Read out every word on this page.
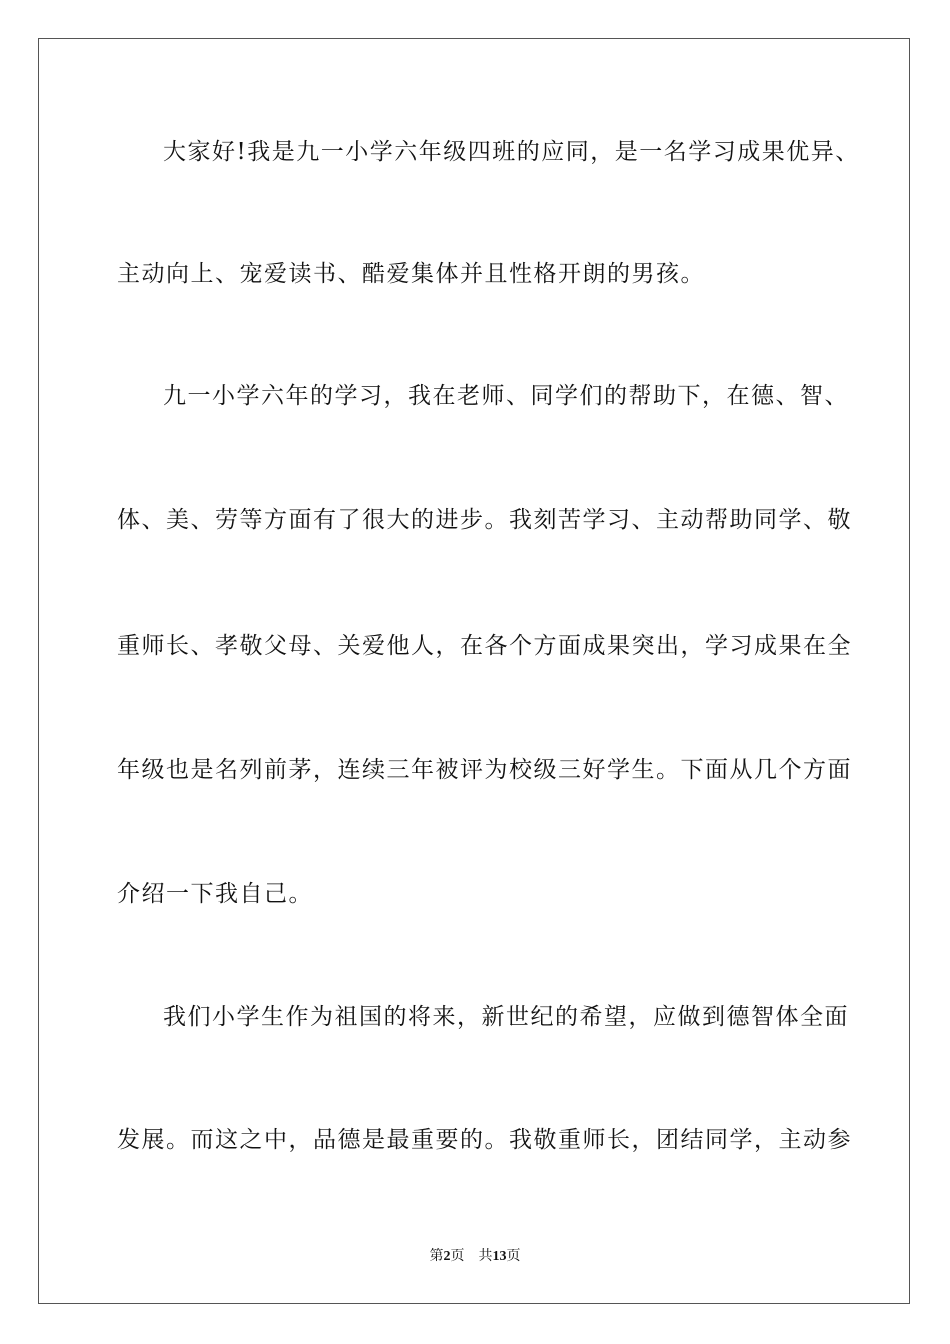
大家好!我是九一小学六年级四班的应同，是一名学习成果优异、
主动向上、宠爱读书、酷爱集体并且性格开朗的男孩。
九一小学六年的学习，我在老师、同学们的帮助下，在德、智、
体、美、劳等方面有了很大的进步。我刻苦学习、主动帮助同学、敬
重师长、孝敬父母、关爱他人，在各个方面成果突出，学习成果在全
年级也是名列前茅，连续三年被评为校级三好学生。下面从几个方面
介绍一下我自己。
我们小学生作为祖国的将来，新世纪的希望，应做到德智体全面
发展。而这之中，品德是最重要的。我敬重师长，团结同学，主动参
第2页 共13页
